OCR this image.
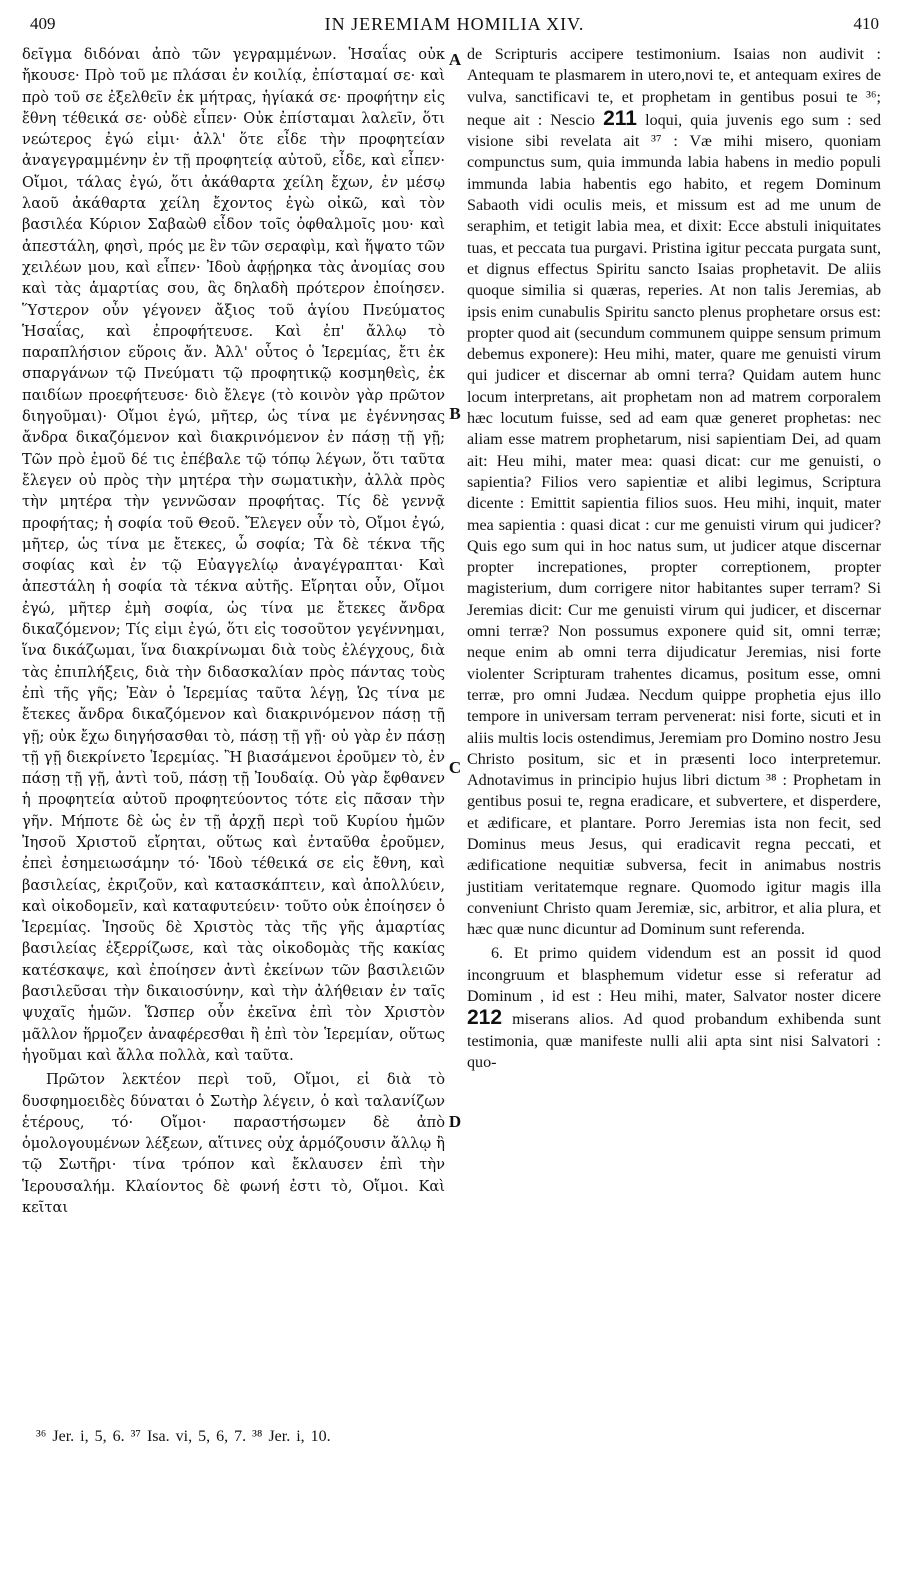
409	IN JEREMIAM HOMILIA XIV.	410

δεῖγμα διδόναι ἀπὸ τῶν γεγραμμένων. Ἡσαΐας οὐκ ἤκουσε· Πρὸ τοῦ με πλάσαι ἐν κοιλίᾳ, ἐπίσταμαί σε· καὶ πρὸ τοῦ σε ἐξελθεῖν ἐκ μήτρας, ἡγίακά σε· προφήτην εἰς ἔθνη τέθεικά σε· οὐδὲ εἶπεν· Οὐκ ἐπίσταμαι λαλεῖν, ὅτι νεώτερος ἐγώ εἰμι· ἀλλ' ὅτε εἶδε τὴν προφητείαν ἀναγεγραμμένην ἐν τῇ προφητείᾳ αὐτοῦ, εἶδε, καὶ εἶπεν· Οἴμοι, τάλας ἐγώ, ὅτι ἀκάθαρτα χείλη ἔχων, ἐν μέσῳ λαοῦ ἀκάθαρτα χείλη ἔχοντος ἐγὼ οἰκῶ, καὶ τὸν βασιλέα Κύριον Σαβαὼθ εἶδον τοῖς ὀφθαλμοῖς μου· καὶ ἀπεστάλη, φησὶ, πρός με ἓν τῶν σεραφὶμ, καὶ ἥψατο τῶν χειλέων μου, καὶ εἶπεν· Ἰδοὺ ἀφῄρηκα τὰς ἀνομίας σου καὶ τὰς ἁμαρτίας σου, ἃς δηλαδὴ πρότερον ἐποίησεν. Ὕστερον οὖν γέγονεν ἄξιος τοῦ ἁγίου Πνεύματος Ἡσαΐας, καὶ ἐπροφήτευσε. Καὶ ἐπ' ἄλλῳ τὸ παραπλήσιον εὕροις ἄν. Ἀλλ' οὗτος ὁ Ἱερεμίας, ἔτι ἐκ σπαργάνων τῷ Πνεύματι τῷ προφητικῷ κοσμηθεὶς, ἐκ παιδίων προεφήτευσε· διὸ ἔλεγε (τὸ κοινὸν γὰρ πρῶτον διηγοῦμαι)· Οἴμοι ἐγώ, μῆτερ, ὡς τίνα με ἐγέννησας ἄνδρα δικαζόμενον καὶ διακρινόμενον ἐν πάσῃ τῇ γῇ; Τῶν πρὸ ἐμοῦ δέ τις ἐπέβαλε τῷ τόπῳ λέγων, ὅτι ταῦτα ἔλεγεν οὐ πρὸς τὴν μητέρα τὴν σωματικὴν, ἀλλὰ πρὸς τὴν μητέρα τὴν γεννῶσαν προφήτας. Τίς δὲ γεννᾷ προφήτας; ἡ σοφία τοῦ Θεοῦ. Ἔλεγεν οὖν τὸ, Οἴμοι ἐγώ, μῆτερ, ὡς τίνα με ἔτεκες, ὦ σοφία; Τὰ δὲ τέκνα τῆς σοφίας καὶ ἐν τῷ Εὐαγγελίῳ ἀναγέγραπται· Καὶ ἀπεστάλη ἡ σοφία τὰ τέκνα αὐτῆς. Εἴρηται οὖν, Οἴμοι ἐγώ, μῆτερ ἐμὴ σοφία, ὡς τίνα με ἔτεκες ἄνδρα δικαζόμενον; Τίς εἰμι ἐγώ, ὅτι εἰς τοσοῦτον γεγέννημαι, ἵνα δικάζωμαι, ἵνα διακρίνωμαι διὰ τοὺς ἐλέγχους, διὰ τὰς ἐπιπλήξεις, διὰ τὴν διδασκαλίαν πρὸς πάντας τοὺς ἐπὶ τῆς γῆς; Ἐὰν ὁ Ἱερεμίας ταῦτα λέγῃ, Ὡς τίνα με ἔτεκες ἄνδρα δικαζόμενον καὶ διακρινόμενον πάσῃ τῇ γῇ; οὐκ ἔχω διηγήσασθαι τὸ, πάσῃ τῇ γῇ· οὐ γὰρ ἐν πάσῃ τῇ γῇ διεκρίνετο Ἱερεμίας. Ἢ βιασάμενοι ἐροῦμεν τὸ, ἐν πάσῃ τῇ γῇ, ἀντὶ τοῦ, πάσῃ τῇ Ἰουδαίᾳ. Οὐ γὰρ ἔφθανεν ἡ προφητεία αὐτοῦ προφητεύοντος τότε εἰς πᾶσαν τὴν γῆν. Μήποτε δὲ ὡς ἐν τῇ ἀρχῇ περὶ τοῦ Κυρίου ἡμῶν Ἰησοῦ Χριστοῦ εἴρηται, οὕτως καὶ ἐνταῦθα ἐροῦμεν, ἐπεὶ ἐσημειωσάμην τό· Ἰδοὺ τέθεικά σε εἰς ἔθνη, καὶ βασιλείας, ἐκριζοῦν, καὶ κατασκάπτειν, καὶ ἀπολλύειν, καὶ οἰκοδομεῖν, καὶ καταφυτεύειν· τοῦτο οὐκ ἐποίησεν ὁ Ἱερεμίας. Ἰησοῦς δὲ Χριστὸς τὰς τῆς γῆς ἁμαρτίας βασιλείας ἐξερρίζωσε, καὶ τὰς οἰκοδομὰς τῆς κακίας κατέσκαψε, καὶ ἐποίησεν ἀντὶ ἐκείνων τῶν βασιλειῶν βασιλεῦσαι τὴν δικαιοσύνην, καὶ τὴν ἀλήθειαν ἐν ταῖς ψυχαῖς ἡμῶν. Ὥσπερ οὖν ἐκεῖνα ἐπὶ τὸν Χριστὸν μᾶλλον ἥρμοζεν ἀναφέρεσθαι ἢ ἐπὶ τὸν Ἱερεμίαν, οὕτως ἡγοῦμαι καὶ ἄλλα πολλὰ, καὶ ταῦτα.

Πρῶτον λεκτέον περὶ τοῦ, Οἴμοι, εἰ διὰ τὸ δυσφημοειδὲς δύναται ὁ Σωτὴρ λέγειν, ὁ καὶ ταλανίζων ἑτέρους, τό· Οἴμοι· παραστήσωμεν δὲ ἀπὸ ὁμολογουμένων λέξεων, αἵτινες οὐχ ἁρμόζουσιν ἄλλῳ ἢ τῷ Σωτῆρι· τίνα τρόπον καὶ ἔκλαυσεν ἐπὶ τὴν Ἱερουσαλήμ. Κλαίοντος δὲ φωνή ἐστι τὸ, Οἴμοι. Καὶ κεῖται

A
B
C
D

de Scripturis accipere testimonium. Isaias non audivit : Antequam te plasmarem in utero,novi te, et antequam exires de vulva, sanctificavi te, et prophetam in gentibus posui te ³⁶; neque ait : Nescio 211 loqui, quia juvenis ego sum : sed visione sibi revelata ait ³⁷ : Væ mihi misero, quoniam compunctus sum, quia immunda labia habens in medio populi immunda labia habentis ego habito, et regem Dominum Sabaoth vidi oculis meis, et missum est ad me unum de seraphim, et tetigit labia mea, et dixit: Ecce abstuli iniquitates tuas, et peccata tua purgavi. Pristina igitur peccata purgata sunt, et dignus effectus Spiritu sancto Isaias prophetavit. De aliis quoque similia si quæras, reperies. At non talis Jeremias, ab ipsis enim cunabulis Spiritu sancto plenus prophetare orsus est: propter quod ait (secundum communem quippe sensum primum debemus exponere): Heu mihi, mater, quare me genuisti virum qui judicer et discernar ab omni terra? Quidam autem hunc locum interpretans, ait prophetam non ad matrem corporalem hæc locutum fuisse, sed ad eam quæ generet prophetas: nec aliam esse matrem prophetarum, nisi sapientiam Dei, ad quam ait: Heu mihi, mater mea: quasi dicat: cur me genuisti, o sapientia? Filios vero sapientiæ et alibi legimus, Scriptura dicente : Emittit sapientia filios suos. Heu mihi, inquit, mater mea sapientia : quasi dicat : cur me genuisti virum qui judicer? Quis ego sum qui in hoc natus sum, ut judicer atque discernar propter increpationes, propter correptionem, propter magisterium, dum corrigere nitor habitantes super terram? Si Jeremias dicit: Cur me genuisti virum qui judicer, et discernar omni terræ? Non possumus exponere quid sit, omni terræ; neque enim ab omni terra dijudicatur Jeremias, nisi forte violenter Scripturam trahentes dicamus, positum esse, omni terræ, pro omni Judæa. Necdum quippe prophetia ejus illo tempore in universam terram pervenerat: nisi forte, sicuti et in aliis multis locis ostendimus, Jeremiam pro Domino nostro Jesu Christo positum, sic et in præsenti loco interpretemur. Adnotavimus in principio hujus libri dictum ³⁸ : Prophetam in gentibus posui te, regna eradicare, et subvertere, et disperdere, et ædificare, et plantare. Porro Jeremias ista non fecit, sed Dominus meus Jesus, qui eradicavit regna peccati, et ædificatione nequitiæ subversa, fecit in animabus nostris justitiam veritatemque regnare. Quomodo igitur magis illa conveniunt Christo quam Jeremiæ, sic, arbitror, et alia plura, et hæc quæ nunc dicuntur ad Dominum sunt referenda.

6. Et primo quidem videndum est an possit id quod incongruum et blasphemum videtur esse si referatur ad Dominum , id est : Heu mihi, mater, Salvator noster dicere 212 miserans alios. Ad quod probandum exhibenda sunt testimonia, quæ manifeste nulli alii apta sint nisi Salvatori : quo-

³⁶ Jer. i, 5, 6. ³⁷ Isa. vi, 5, 6, 7. ³⁸ Jer. i, 10.
